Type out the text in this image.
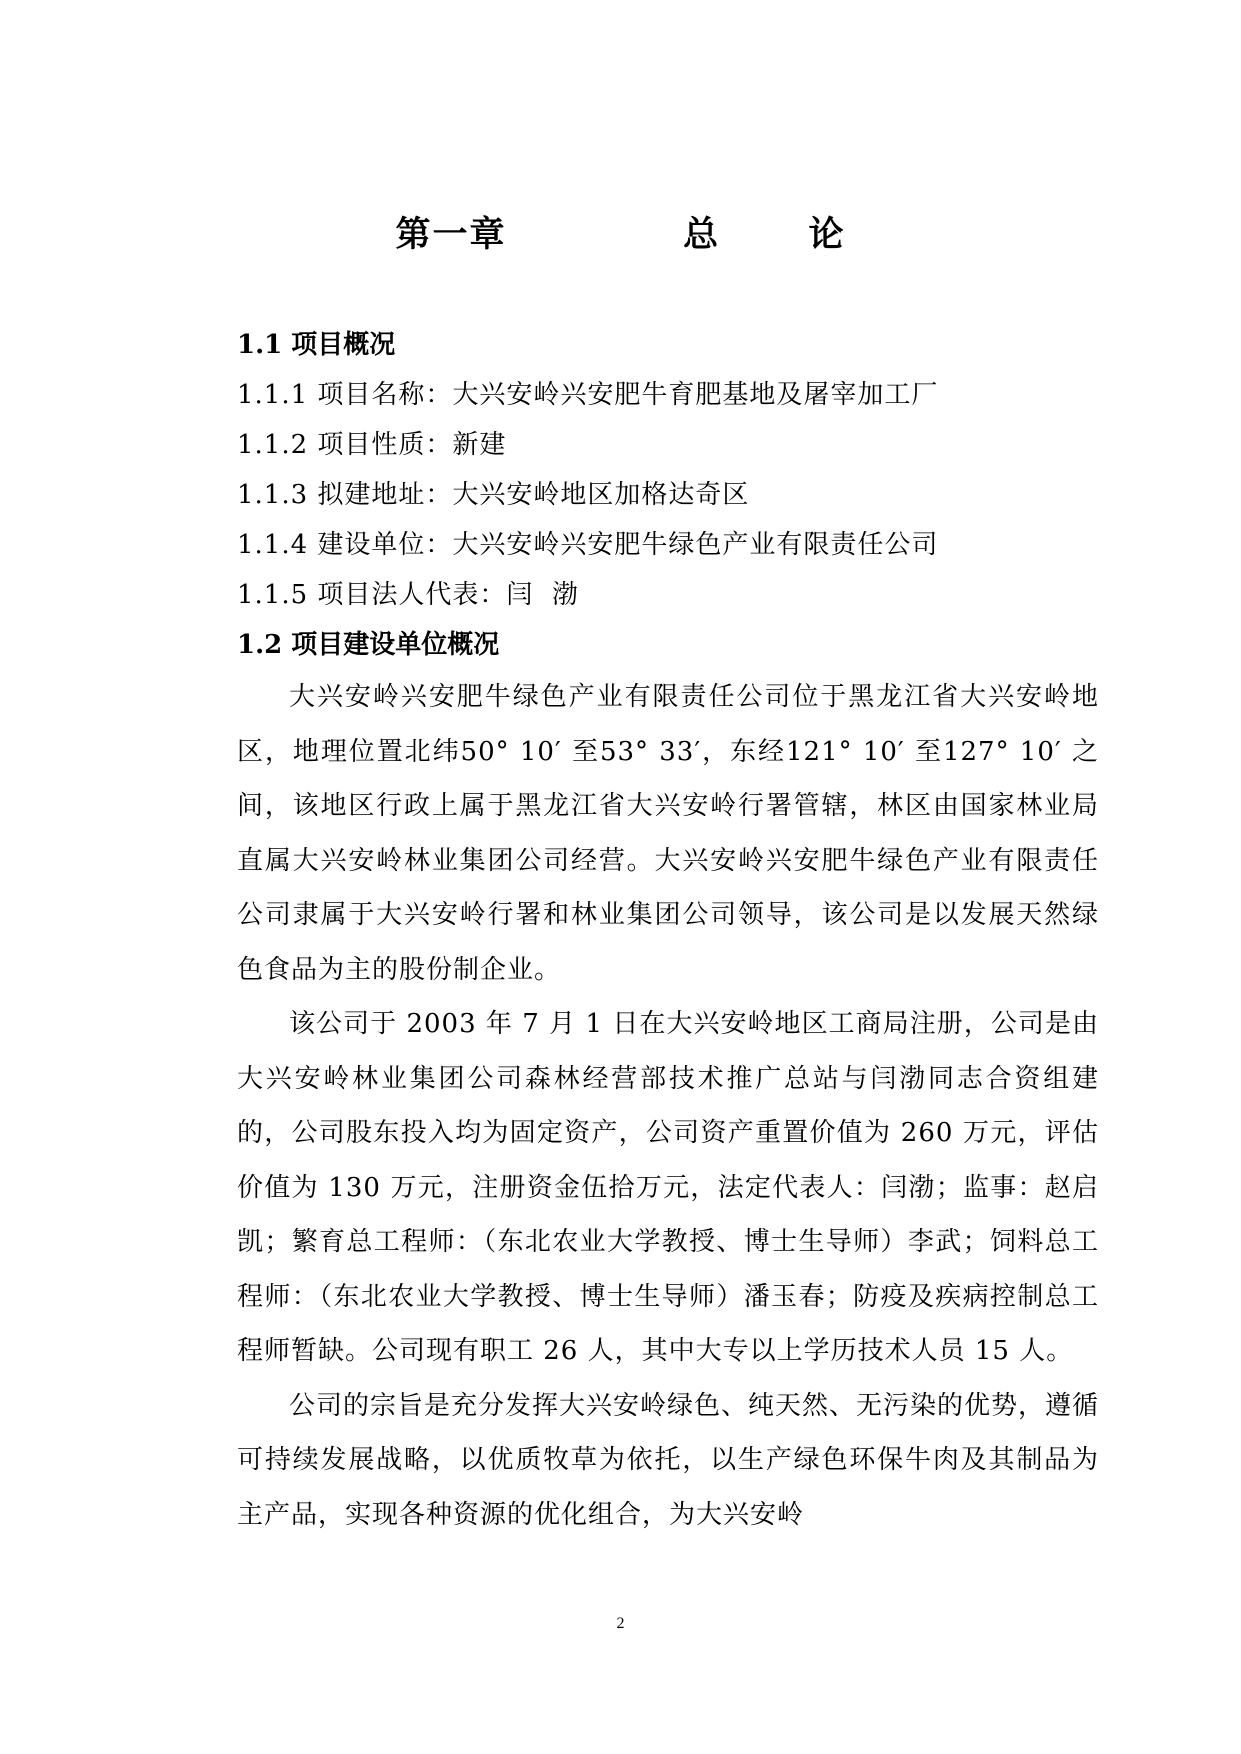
第一章    总  论
1.1 项目概况
1.1.1 项目名称：大兴安岭兴安肥牛育肥基地及屠宰加工厂
1.1.2 项目性质：新建
1.1.3 拟建地址：大兴安岭地区加格达奇区
1.1.4 建设单位：大兴安岭兴安肥牛绿色产业有限责任公司
1.1.5 项目法人代表：闫  渤
1.2 项目建设单位概况

大兴安岭兴安肥牛绿色产业有限责任公司位于黑龙江省大兴安岭地区，地理位置北纬50° 10′ 至53° 33′，东经121° 10′ 至127° 10′ 之间，该地区行政上属于黑龙江省大兴安岭行署管辖，林区由国家林业局直属大兴安岭林业集团公司经营。大兴安岭兴安肥牛绿色产业有限责任公司隶属于大兴安岭行署和林业集团公司领导，该公司是以发展天然绿色食品为主的股份制企业。

该公司于 2003 年 7 月 1 日在大兴安岭地区工商局注册，公司是由大兴安岭林业集团公司森林经营部技术推广总站与闫渤同志合资组建的，公司股东投入均为固定资产，公司资产重置价值为 260 万元，评估价值为 130 万元，注册资金伍拾万元，法定代表人：闫渤；监事：赵启凯；繁育总工程师：（东北农业大学教授、博士生导师）李武；饲料总工程师：（东北农业大学教授、博士生导师）潘玉春；防疫及疾病控制总工程师暂缺。公司现有职工 26 人，其中大专以上学历技术人员 15 人。

公司的宗旨是充分发挥大兴安岭绿色、纯天然、无污染的优势，遵循可持续发展战略，以优质牧草为依托，以生产绿色环保牛肉及其制品为主产品，实现各种资源的优化组合，为大兴安岭

2
